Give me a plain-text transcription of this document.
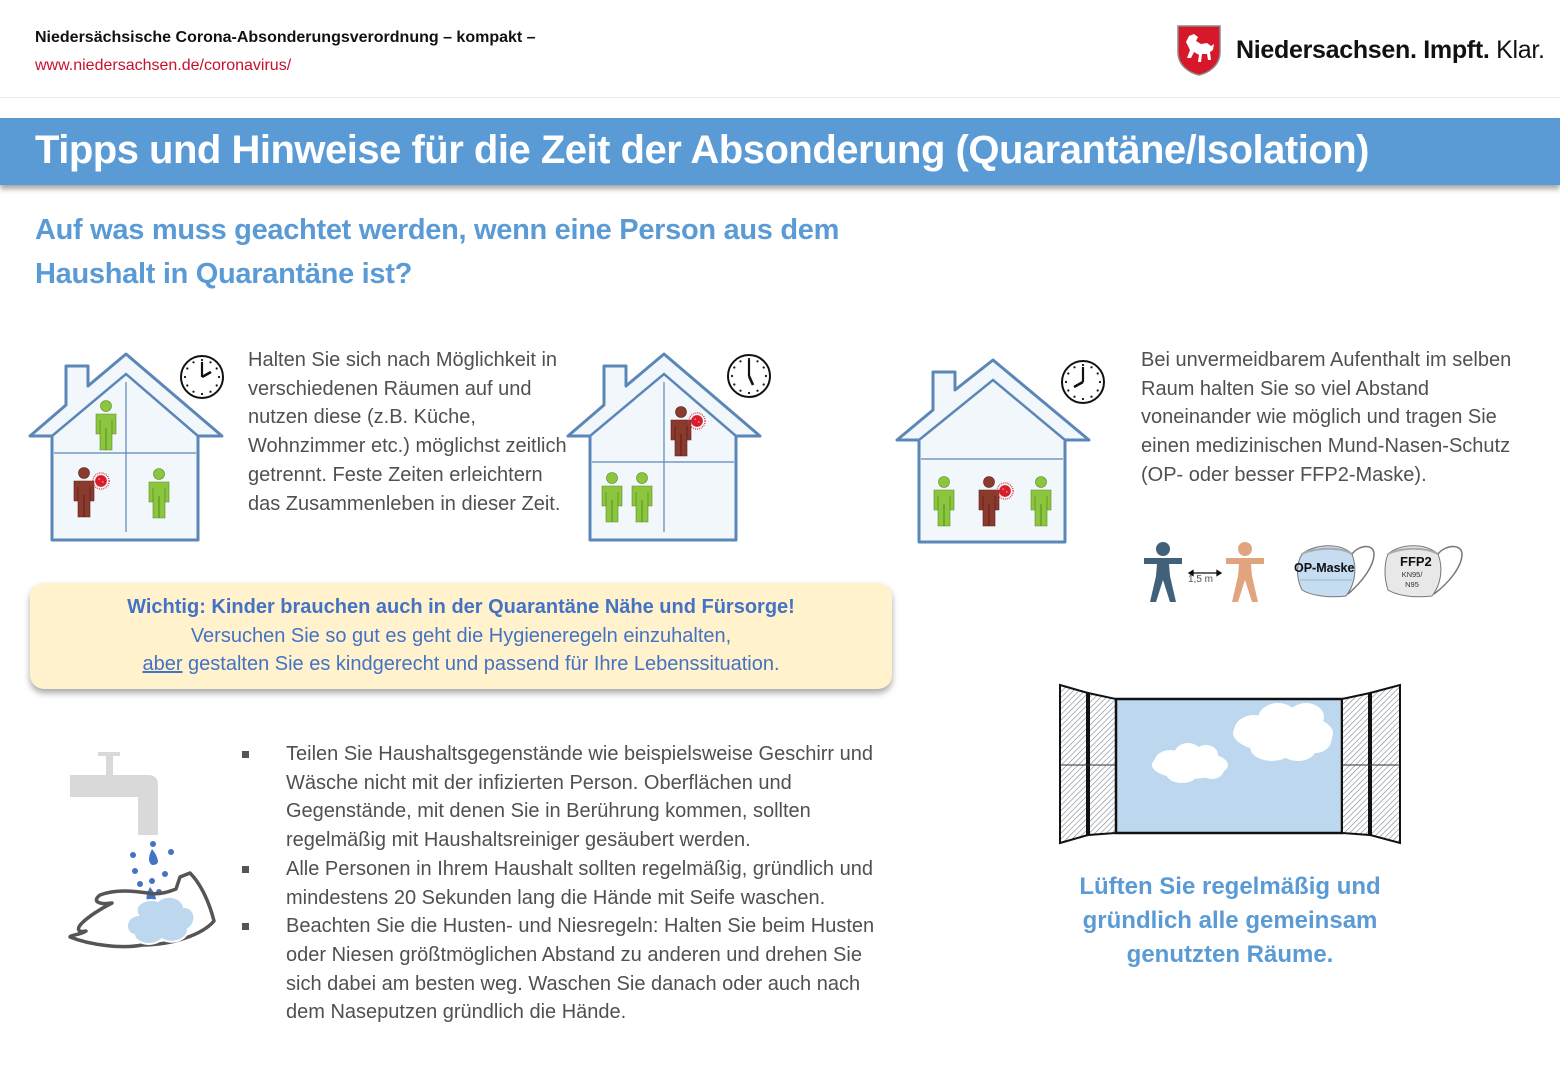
Niedersächsische Corona-Absonderungsverordnung – kompakt –
www.niedersachsen.de/coronavirus/
Niedersachsen. Impft. Klar.
Tipps und Hinweise für die Zeit der Absonderung (Quarantäne/Isolation)
Auf was muss geachtet werden, wenn eine Person aus dem Haushalt in Quarantäne ist?
Halten Sie sich nach Möglichkeit in verschiedenen Räumen auf und nutzen diese (z.B. Küche, Wohnzimmer etc.) möglichst zeitlich getrennt. Feste Zeiten erleichtern das Zusammenleben in dieser Zeit.
Bei unvermeidbarem Aufenthalt im selben Raum halten Sie so viel Abstand voneinander wie möglich und tragen Sie einen medizinischen Mund-Nasen-Schutz (OP- oder besser FFP2-Maske).
1,5 m
OP-Maske	FFP2
KN95/ N95
Wichtig: Kinder brauchen auch in der Quarantäne Nähe und Fürsorge!
Versuchen Sie so gut es geht die Hygieneregeln einzuhalten,
aber gestalten Sie es kindgerecht und passend für Ihre Lebenssituation.
Teilen Sie Haushaltsgegenstände wie beispielsweise Geschirr und Wäsche nicht mit der infizierten Person. Oberflächen und Gegenstände, mit denen Sie in Berührung kommen, sollten regelmäßig mit Haushaltsreiniger gesäubert werden.
Alle Personen in Ihrem Haushalt sollten regelmäßig, gründlich und mindestens 20 Sekunden lang die Hände mit Seife waschen.
Beachten Sie die Husten- und Niesregeln: Halten Sie beim Husten oder Niesen größtmöglichen Abstand zu anderen und drehen Sie sich dabei am besten weg. Waschen Sie danach oder auch nach dem Naseputzen gründlich die Hände.
Lüften Sie regelmäßig und gründlich alle gemeinsam genutzten Räume.
